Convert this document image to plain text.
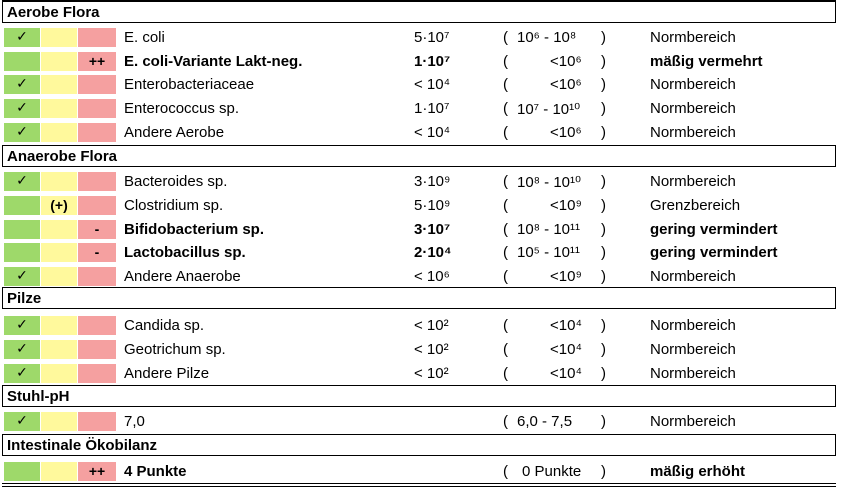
Aerobe Flora
✓	E. coli	5·10⁷	( 10⁶ - 10⁸ )	Normbereich
++	E. coli-Variante Lakt-neg.	1·10⁷	(	<10⁶ )	mäßig vermehrt
✓	Enterobacteriaceae	< 10⁴	(	<10⁶ )	Normbereich
✓	Enterococcus sp.	1·10⁷	( 10⁷ - 10¹⁰ )	Normbereich
✓	Andere Aerobe	< 10⁴	(	<10⁶ )	Normbereich
Anaerobe Flora
✓	Bacteroides sp.	3·10⁹	( 10⁸ - 10¹⁰ )	Normbereich
(+)	Clostridium sp.	5·10⁹	(	<10⁹ )	Grenzbereich
-	Bifidobacterium sp.	3·10⁷	( 10⁸ - 10¹¹ )	gering vermindert
-	Lactobacillus sp.	2·10⁴	( 10⁵ - 10¹¹ )	gering vermindert
✓	Andere Anaerobe	< 10⁶	(	<10⁹ )	Normbereich
Pilze
✓	Candida sp.	< 10²	(	<10⁴ )	Normbereich
✓	Geotrichum sp.	< 10²	(	<10⁴ )	Normbereich
✓	Andere Pilze	< 10²	(	<10⁴ )	Normbereich
Stuhl-pH
✓	7,0	( 6,0 - 7,5 )	Normbereich
Intestinale Ökobilanz
++	4 Punkte	( 0 Punkte )	mäßig erhöht
